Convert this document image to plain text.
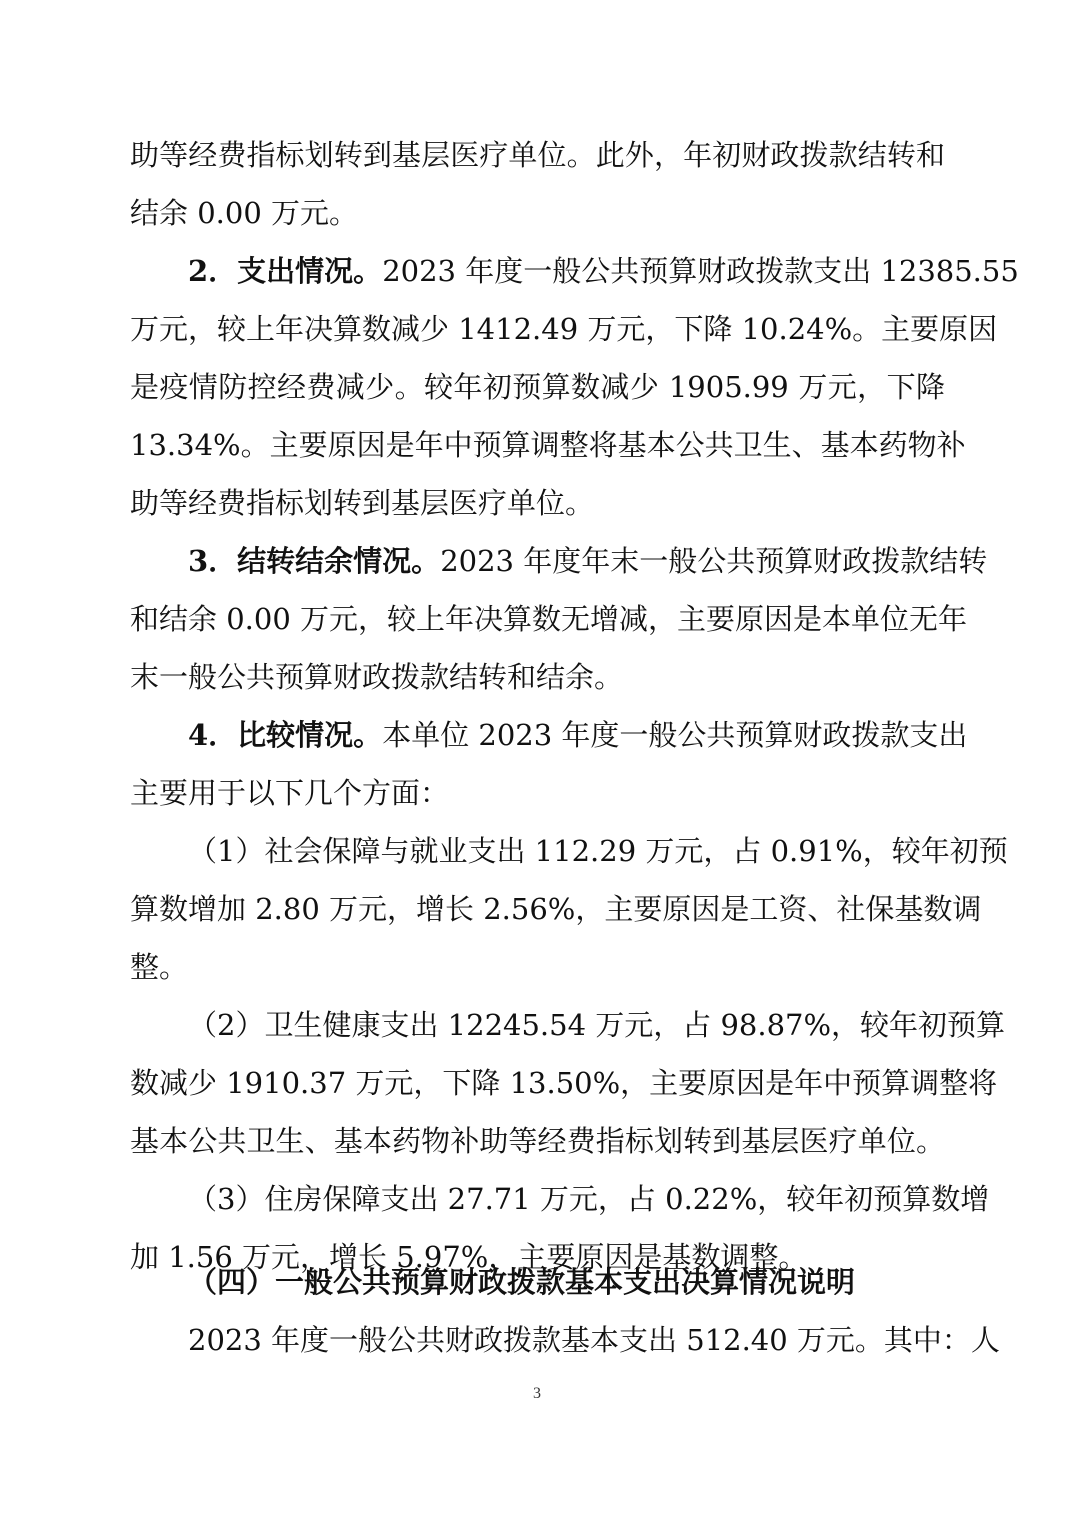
助等经费指标划转到基层医疗单位。此外，年初财政拨款结转和
结余 0.00 万元。
2．支出情况。2023 年度一般公共预算财政拨款支出 12385.55
万元，较上年决算数减少 1412.49 万元，下降 10.24%。主要原因
是疫情防控经费减少。较年初预算数减少 1905.99 万元，下降
13.34%。主要原因是年中预算调整将基本公共卫生、基本药物补
助等经费指标划转到基层医疗单位。
3．结转结余情况。2023 年度年末一般公共预算财政拨款结转
和结余 0.00 万元，较上年决算数无增减，主要原因是本单位无年
末一般公共预算财政拨款结转和结余。
4．比较情况。本单位 2023 年度一般公共预算财政拨款支出
主要用于以下几个方面：
（1）社会保障与就业支出 112.29 万元，占 0.91%，较年初预
算数增加 2.80 万元，增长 2.56%，主要原因是工资、社保基数调
整。
（2）卫生健康支出 12245.54 万元，占 98.87%，较年初预算
数减少 1910.37 万元，下降 13.50%，主要原因是年中预算调整将
基本公共卫生、基本药物补助等经费指标划转到基层医疗单位。
（3）住房保障支出 27.71 万元，占 0.22%，较年初预算数增
加 1.56 万元，增长 5.97%，主要原因是基数调整。
（四）一般公共预算财政拨款基本支出决算情况说明
2023 年度一般公共财政拨款基本支出 512.40 万元。其中：人
3
